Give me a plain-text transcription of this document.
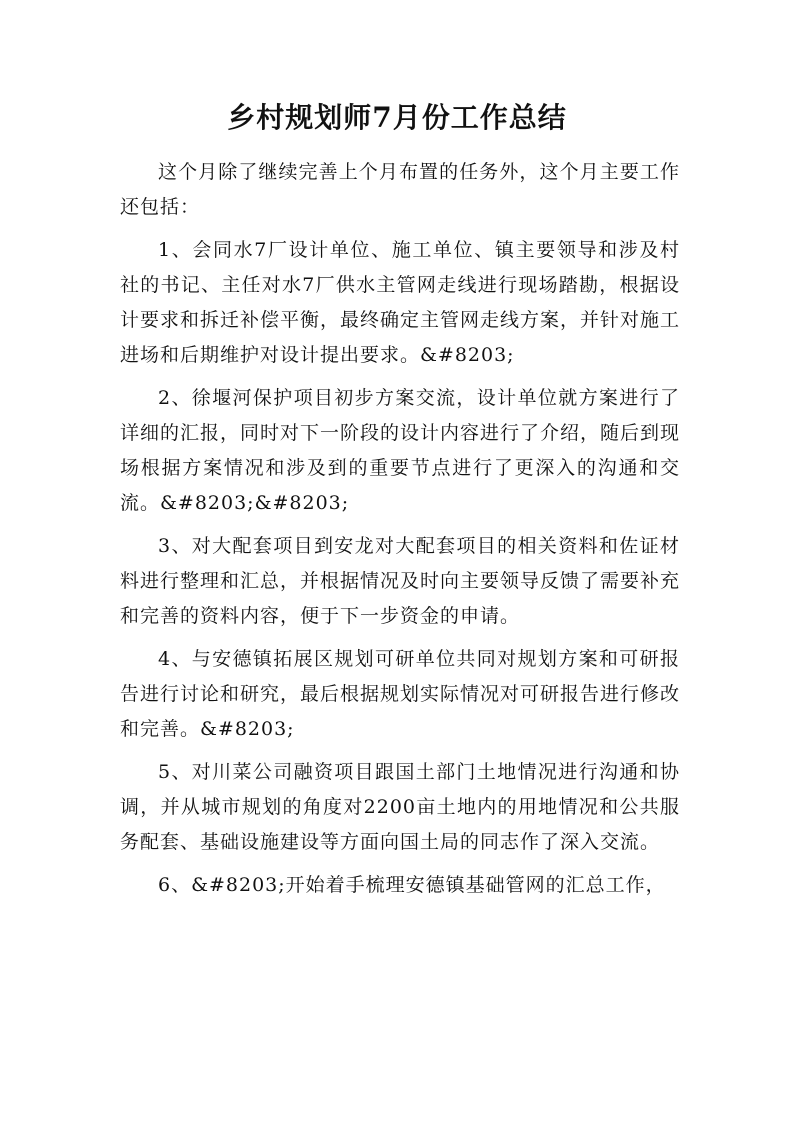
乡村规划师7月份工作总结

这个月除了继续完善上个月布置的任务外，这个月主要工作还包括：

1、会同水7厂设计单位、施工单位、镇主要领导和涉及村社的书记、主任对水7厂供水主管网走线进行现场踏勘，根据设计要求和拆迁补偿平衡，最终确定主管网走线方案，并针对施工进场和后期维护对设计提出要求。&#8203;

2、徐堰河保护项目初步方案交流，设计单位就方案进行了详细的汇报，同时对下一阶段的设计内容进行了介绍，随后到现场根据方案情况和涉及到的重要节点进行了更深入的沟通和交流。&#8203;&#8203;

3、对大配套项目到安龙对大配套项目的相关资料和佐证材料进行整理和汇总，并根据情况及时向主要领导反馈了需要补充和完善的资料内容，便于下一步资金的申请。

4、与安德镇拓展区规划可研单位共同对规划方案和可研报告进行讨论和研究，最后根据规划实际情况对可研报告进行修改和完善。&#8203;

5、对川菜公司融资项目跟国土部门土地情况进行沟通和协调，并从城市规划的角度对2200亩土地内的用地情况和公共服务配套、基础设施建设等方面向国土局的同志作了深入交流。

6、&#8203;开始着手梳理安德镇基础管网的汇总工作，
